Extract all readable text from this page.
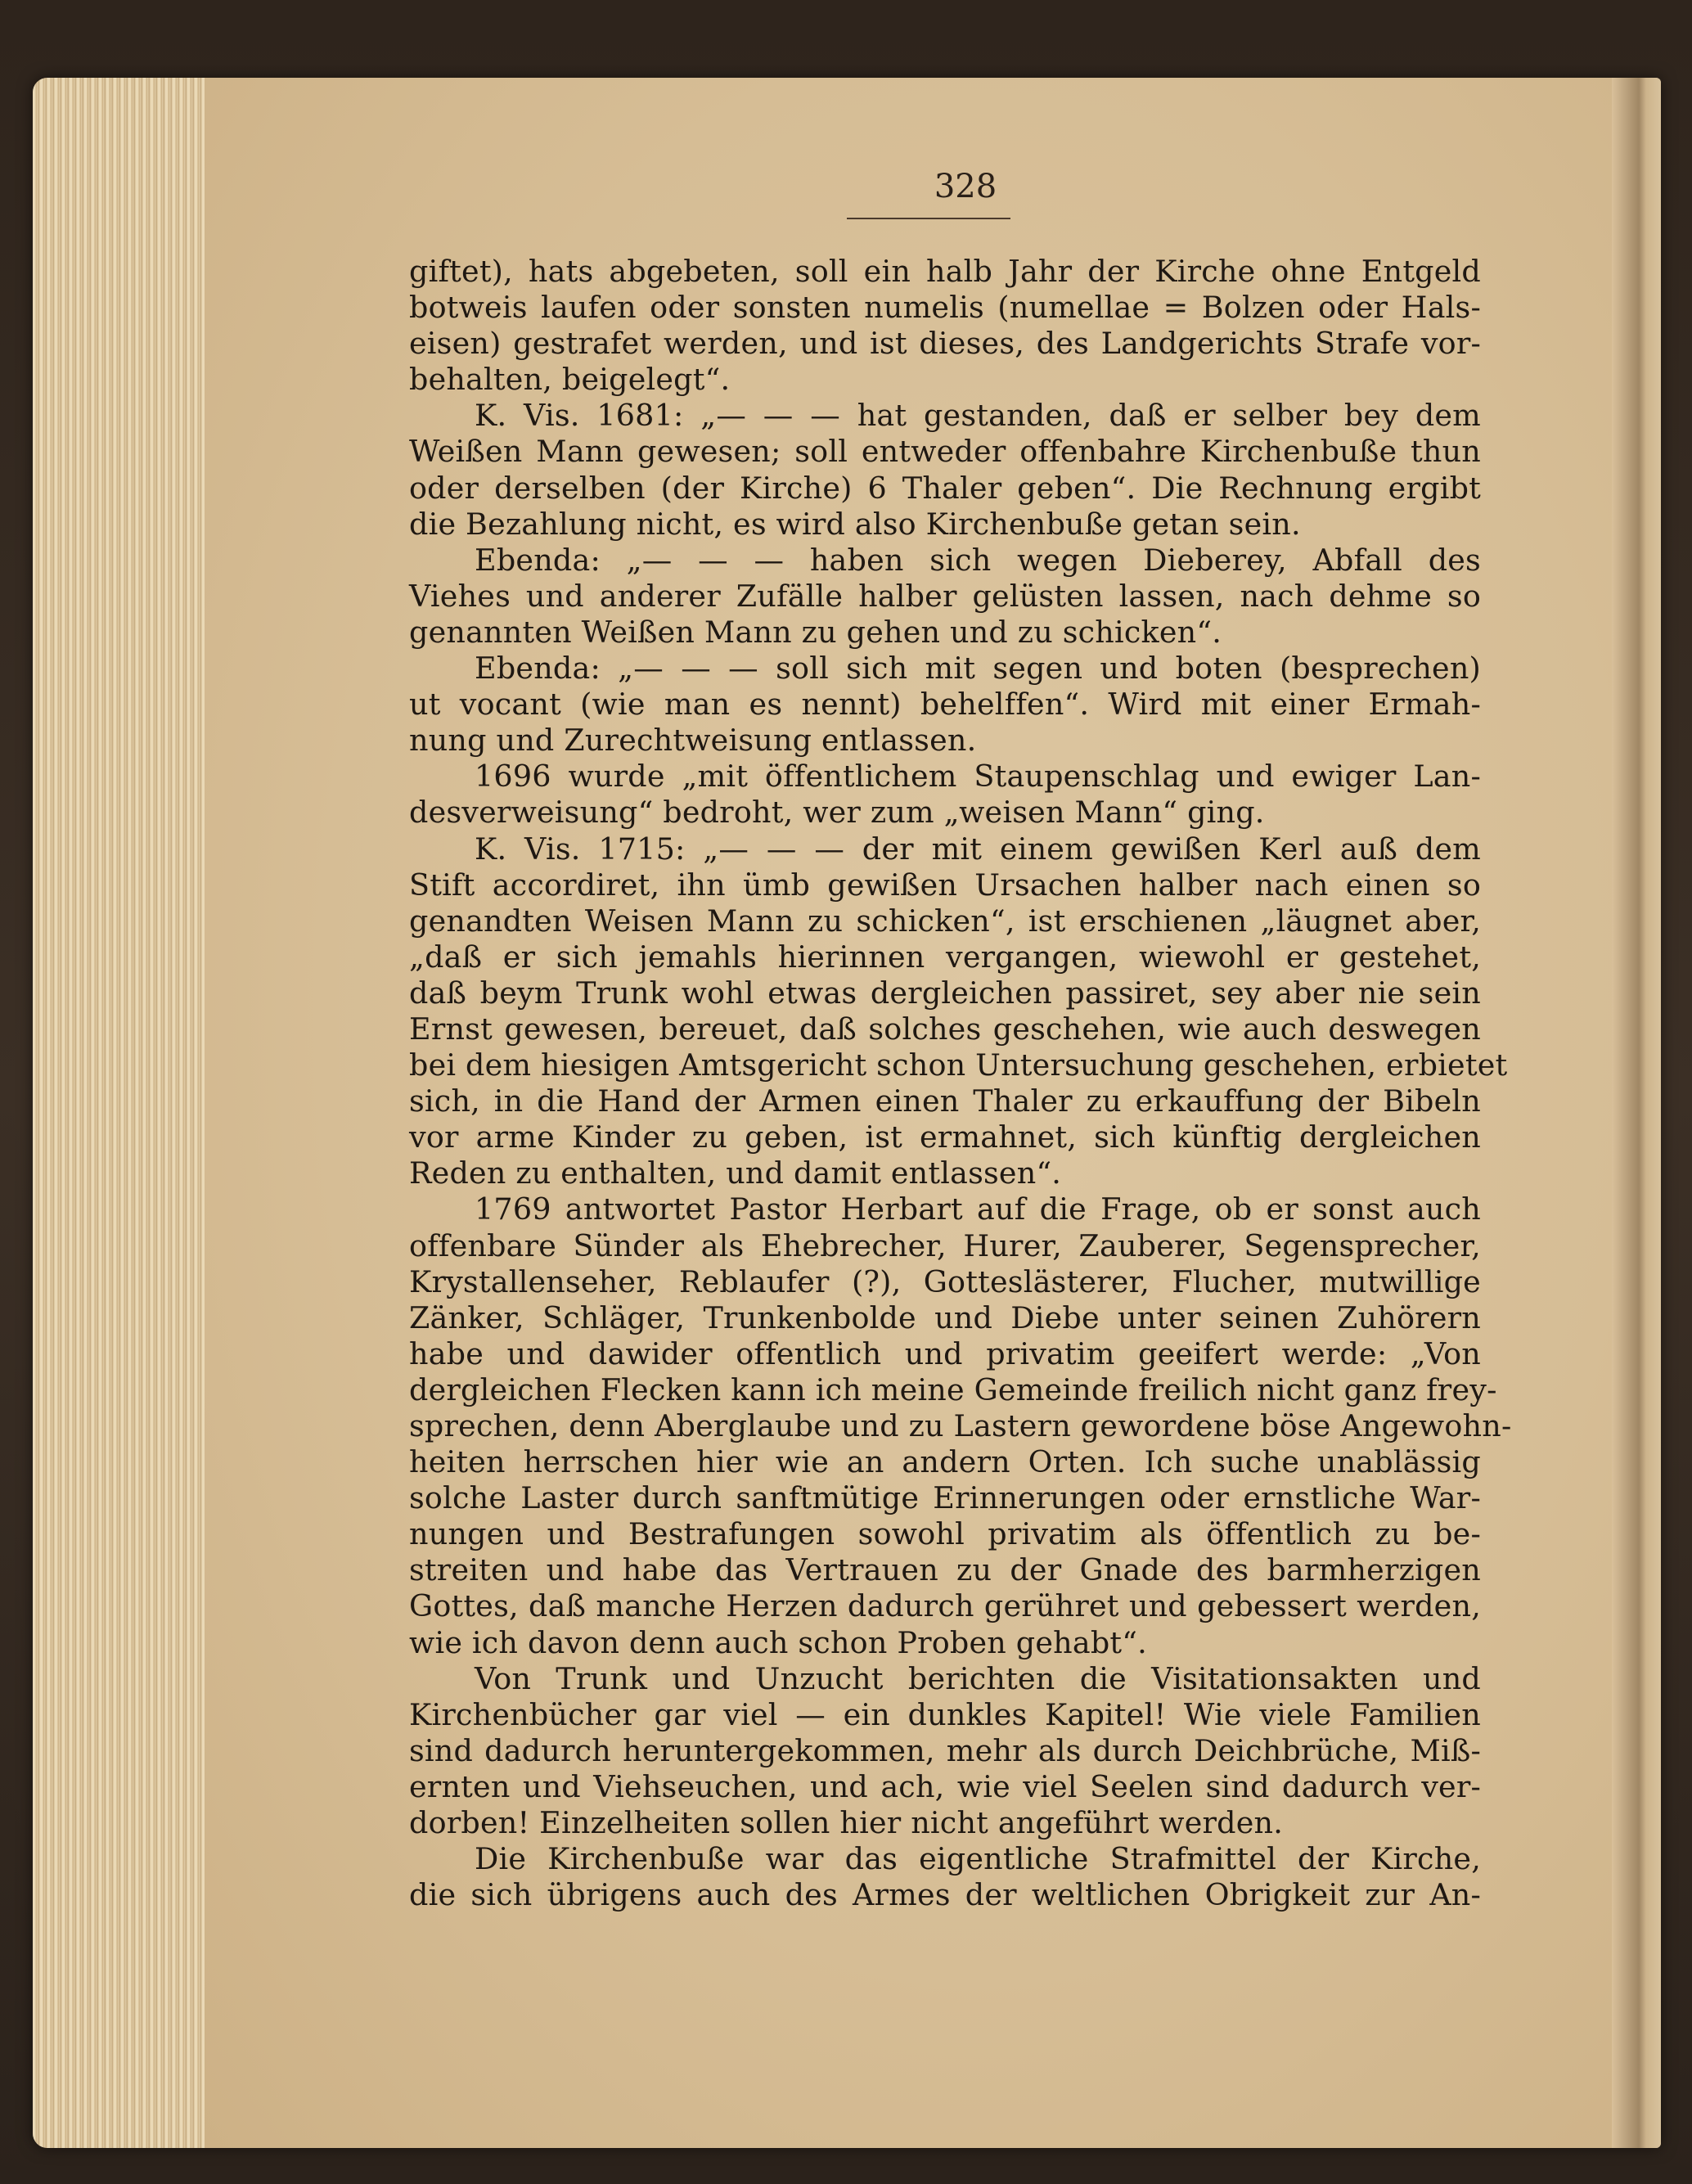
328
giftet), hats abgebeten, soll ein halb Jahr der Kirche ohne Entgeld
botweis laufen oder sonsten numelis (numellae = Bolzen oder Hals-
eisen) gestrafet werden, und ist dieses, des Landgerichts Strafe vor-
behalten, beigelegt“.
K. Vis. 1681: „— — — hat gestanden, daß er selber bey dem
Weißen Mann gewesen; soll entweder offenbahre Kirchenbuße thun
oder derselben (der Kirche) 6 Thaler geben“. Die Rechnung ergibt
die Bezahlung nicht, es wird also Kirchenbuße getan sein.
Ebenda: „— — — haben sich wegen Dieberey, Abfall des
Viehes und anderer Zufälle halber gelüsten lassen, nach dehme so
genannten Weißen Mann zu gehen und zu schicken“.
Ebenda: „— — — soll sich mit segen und boten (besprechen)
ut vocant (wie man es nennt) behelffen“. Wird mit einer Ermah-
nung und Zurechtweisung entlassen.
1696 wurde „mit öffentlichem Staupenschlag und ewiger Lan-
desverweisung“ bedroht, wer zum „weisen Mann“ ging.
K. Vis. 1715: „— — — der mit einem gewißen Kerl auß dem
Stift accordiret, ihn ümb gewißen Ursachen halber nach einen so
genandten Weisen Mann zu schicken“, ist erschienen „läugnet aber,
„daß er sich jemahls hierinnen vergangen, wiewohl er gestehet,
daß beym Trunk wohl etwas dergleichen passiret, sey aber nie sein
Ernst gewesen, bereuet, daß solches geschehen, wie auch deswegen
bei dem hiesigen Amtsgericht schon Untersuchung geschehen, erbietet
sich, in die Hand der Armen einen Thaler zu erkauffung der Bibeln
vor arme Kinder zu geben, ist ermahnet, sich künftig dergleichen
Reden zu enthalten, und damit entlassen“.
1769 antwortet Pastor Herbart auf die Frage, ob er sonst auch
offenbare Sünder als Ehebrecher, Hurer, Zauberer, Segensprecher,
Krystallenseher, Reblaufer (?), Gotteslästerer, Flucher, mutwillige
Zänker, Schläger, Trunkenbolde und Diebe unter seinen Zuhörern
habe und dawider offentlich und privatim geeifert werde: „Von
dergleichen Flecken kann ich meine Gemeinde freilich nicht ganz frey-
sprechen, denn Aberglaube und zu Lastern gewordene böse Angewohn-
heiten herrschen hier wie an andern Orten. Ich suche unablässig
solche Laster durch sanftmütige Erinnerungen oder ernstliche War-
nungen und Bestrafungen sowohl privatim als öffentlich zu be-
streiten und habe das Vertrauen zu der Gnade des barmherzigen
Gottes, daß manche Herzen dadurch gerühret und gebessert werden,
wie ich davon denn auch schon Proben gehabt“.
Von Trunk und Unzucht berichten die Visitationsakten und
Kirchenbücher gar viel — ein dunkles Kapitel! Wie viele Familien
sind dadurch heruntergekommen, mehr als durch Deichbrüche, Miß-
ernten und Viehseuchen, und ach, wie viel Seelen sind dadurch ver-
dorben! Einzelheiten sollen hier nicht angeführt werden.
Die Kirchenbuße war das eigentliche Strafmittel der Kirche,
die sich übrigens auch des Armes der weltlichen Obrigkeit zur An-
